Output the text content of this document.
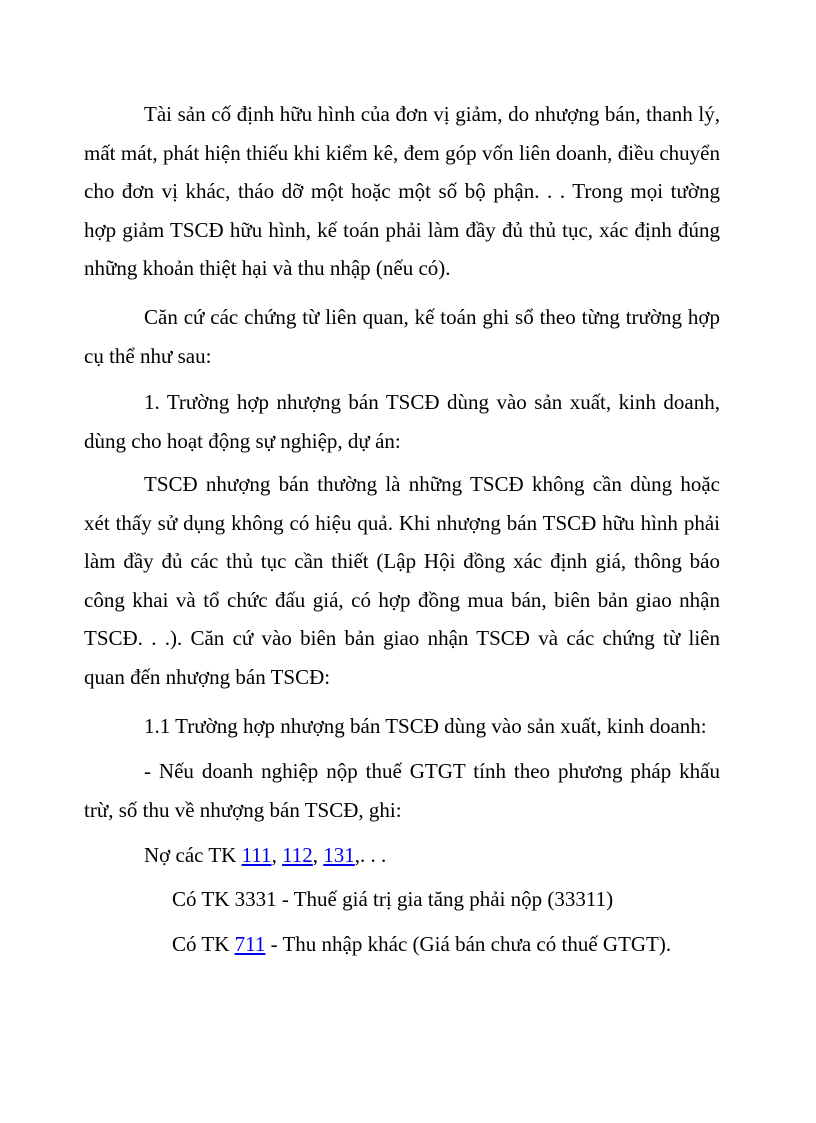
Tài sản cố định hữu hình của đơn vị giảm, do nhượng bán, thanh lý, mất mát, phát hiện thiếu khi kiểm kê, đem góp vốn liên doanh, điều chuyển cho đơn vị khác, tháo dỡ một hoặc một số bộ phận. . . Trong mọi tường hợp giảm TSCĐ hữu hình, kế toán phải làm đầy đủ thủ tục, xác định đúng những khoản thiệt hại và thu nhập (nếu có).

Căn cứ các chứng từ liên quan, kế toán ghi sổ theo từng trường hợp cụ thể như sau:

1. Trường hợp nhượng bán TSCĐ dùng vào sản xuất, kinh doanh, dùng cho hoạt động sự nghiệp, dự án:

TSCĐ nhượng bán thường là những TSCĐ không cần dùng hoặc xét thấy sử dụng không có hiệu quả. Khi nhượng bán TSCĐ hữu hình phải làm đầy đủ các thủ tục cần thiết (Lập Hội đồng xác định giá, thông báo công khai và tổ chức đấu giá, có hợp đồng mua bán, biên bản giao nhận TSCĐ. . .). Căn cứ vào biên bản giao nhận TSCĐ và các chứng từ liên quan đến nhượng bán TSCĐ:

1.1 Trường hợp nhượng bán TSCĐ dùng vào sản xuất, kinh doanh:

- Nếu doanh nghiệp nộp thuế GTGT tính theo phương pháp khấu trừ, số thu về nhượng bán TSCĐ, ghi:

Nợ các TK 111, 112, 131,. . .

Có TK 3331 - Thuế giá trị gia tăng phải nộp (33311)

Có TK 711 - Thu nhập khác (Giá bán chưa có thuế GTGT).
